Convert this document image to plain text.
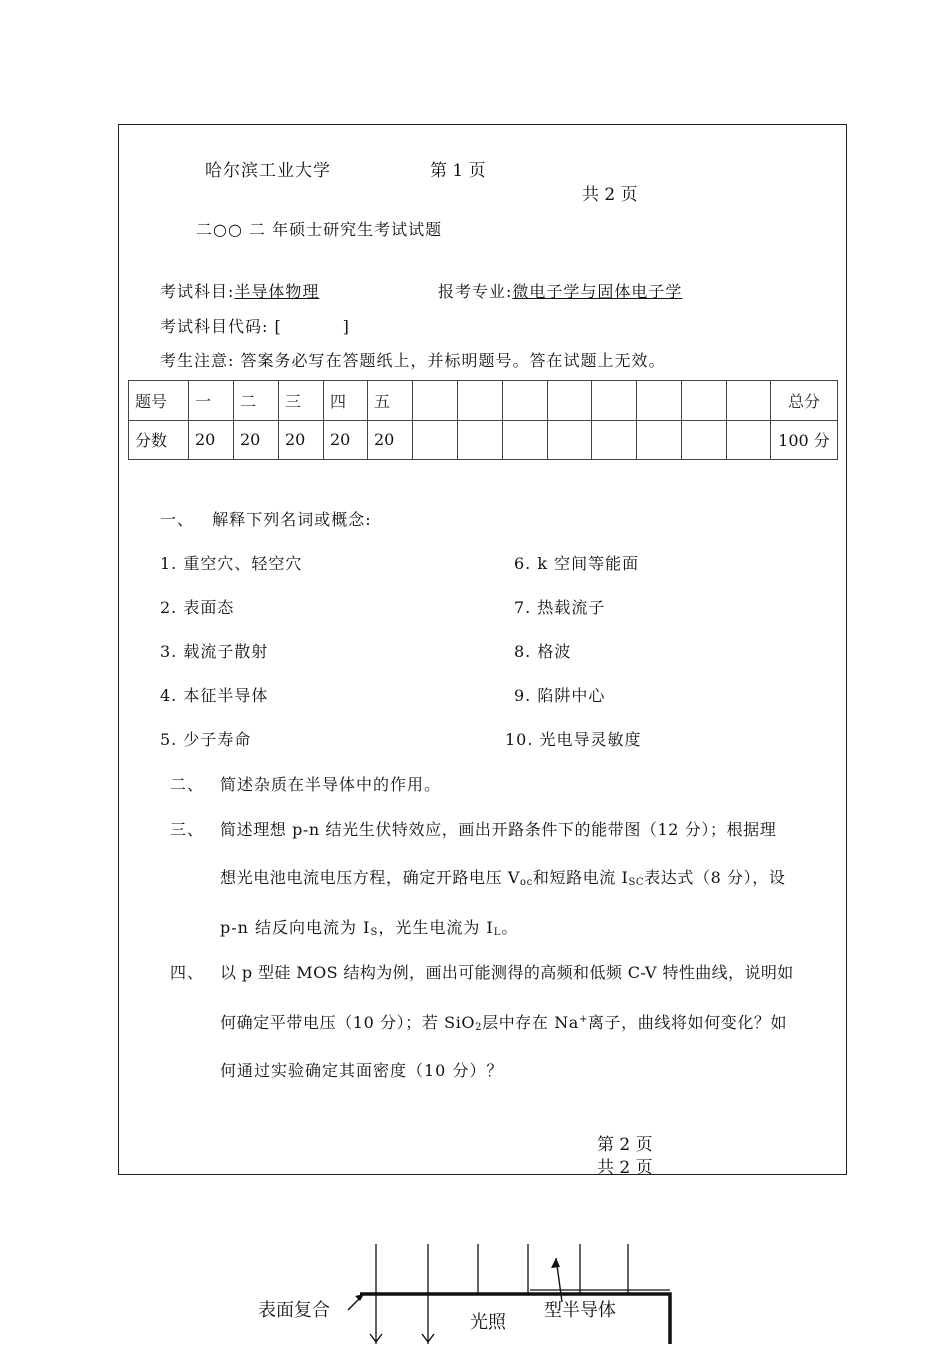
哈尔滨工业大学	第 1 页
共 2 页
二○○ 二 年硕士研究生考试试题
考试科目:半导体物理	报考专业:微电子学与固体电子学
考试科目代码: [          ]
考生注意: 答案务必写在答题纸上，并标明题号。答在试题上无效。
题号	一	二	三	四	五										总分
分数	20	20	20	20	20										100 分
一、   解释下列名词或概念:
1. 重空穴、轻空穴
2. 表面态
3. 载流子散射
4. 本征半导体
5. 少子寿命
6. k 空间等能面
7. 热载流子
8. 格波
9. 陷阱中心
10. 光电导灵敏度
二、 简述杂质在半导体中的作用。
三、 简述理想 p-n 结光生伏特效应，画出开路条件下的能带图（12 分）；根据理
想光电池电流电压方程，确定开路电压 $V_{oc}$和短路电流 $I_{SC}$表达式（8 分），设
p-n 结反向电流为 $I_S$，光生电流为 $I_L$。
四、 以 p 型硅 MOS 结构为例，画出可能测得的高频和低频 C-V 特性曲线，说明如
何确定平带电压（10 分）；若 SiO$_2$层中存在 Na+离子，曲线将如何变化？如
何通过实验确定其面密度（10 分）？
第 2 页
共 2 页
表面复合
光照
型半导体
